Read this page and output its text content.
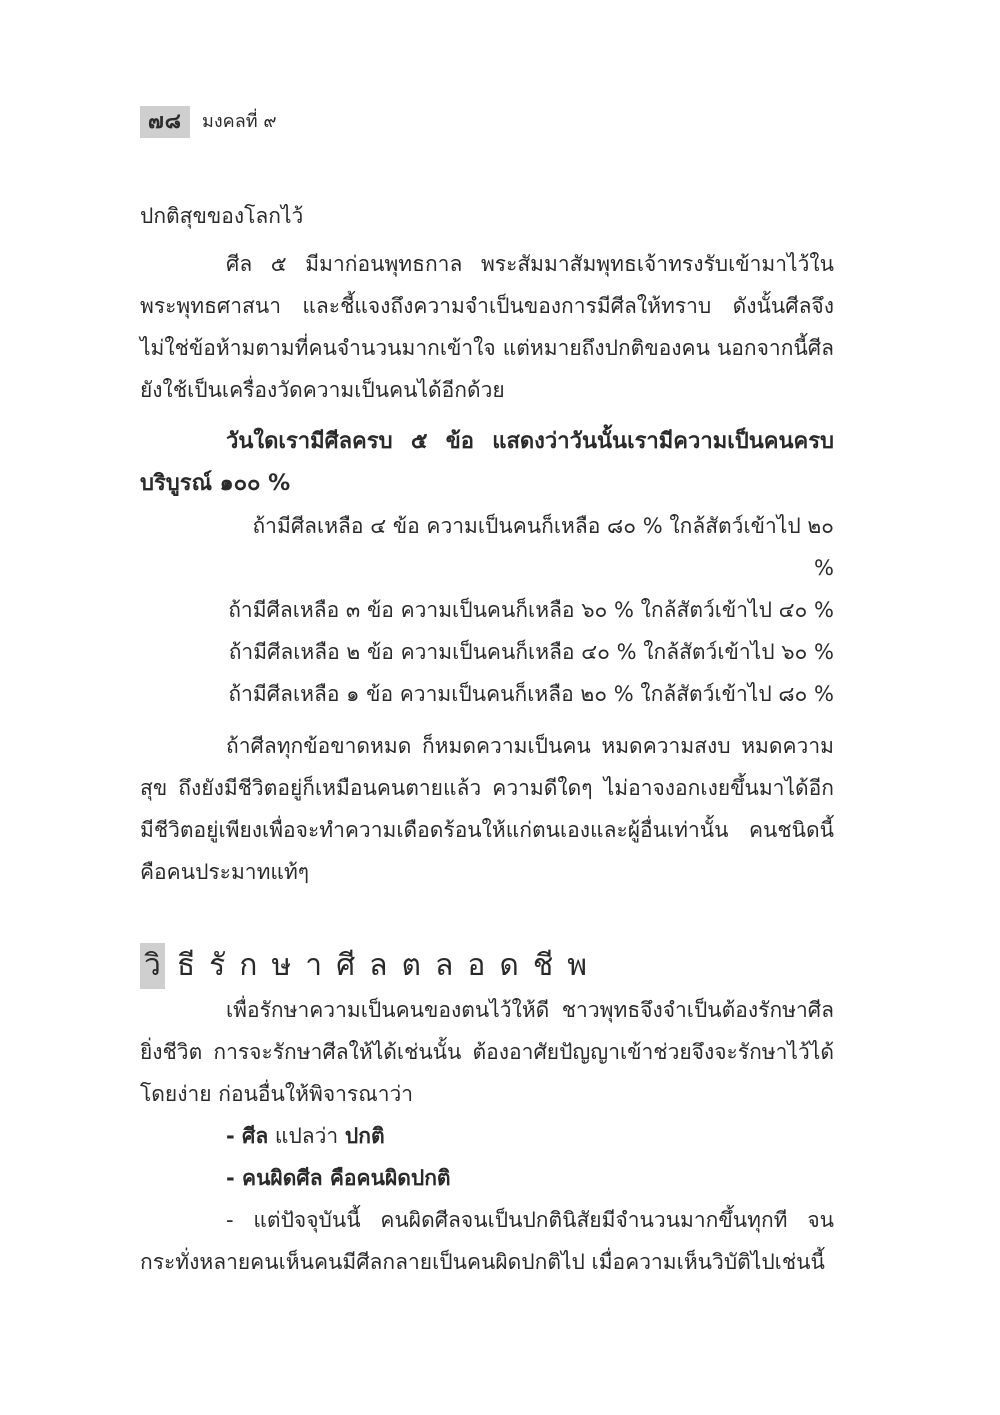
๗๘	มงคลที่ ๙

ปกติสุขของโลกไว้

ศีล ๕ มีมาก่อนพุทธกาล พระสัมมาสัมพุทธเจ้าทรงรับเข้ามาไว้ในพระพุทธศาสนา และชี้แจงถึงความจำเป็นของการมีศีลให้ทราบ ดังนั้นศีลจึงไม่ใช่ข้อห้ามตามที่คนจำนวนมากเข้าใจ แต่หมายถึงปกติของคน นอกจากนี้ศีลยังใช้เป็นเครื่องวัดความเป็นคนได้อีกด้วย

วันใดเรามีศีลครบ ๕ ข้อ แสดงว่าวันนั้นเรามีความเป็นคนครบบริบูรณ์ ๑๐๐ %

ถ้ามีศีลเหลือ ๔ ข้อ ความเป็นคนก็เหลือ ๘๐ % ใกล้สัตว์เข้าไป ๒๐ %

ถ้ามีศีลเหลือ ๓ ข้อ ความเป็นคนก็เหลือ ๖๐ % ใกล้สัตว์เข้าไป ๔๐ %

ถ้ามีศีลเหลือ ๒ ข้อ ความเป็นคนก็เหลือ ๔๐ % ใกล้สัตว์เข้าไป ๖๐ %

ถ้ามีศีลเหลือ ๑ ข้อ ความเป็นคนก็เหลือ ๒๐ % ใกล้สัตว์เข้าไป ๘๐ %

ถ้าศีลทุกข้อขาดหมด ก็หมดความเป็นคน หมดความสงบ หมดความสุข ถึงยังมีชีวิตอยู่ก็เหมือนคนตายแล้ว ความดีใดๆ ไม่อาจงอกเงยขึ้นมาได้อีก มีชีวิตอยู่เพียงเพื่อจะทำความเดือดร้อนให้แก่ตนเองและผู้อื่นเท่านั้น คนชนิดนี้คือคนประมาทแท้ๆ

วิ ธีรักษาศีลตลอดชีพ

เพื่อรักษาความเป็นคนของตนไว้ให้ดี ชาวพุทธจึงจำเป็นต้องรักษาศีลยิ่งชีวิต การจะรักษาศีลให้ได้เช่นนั้น ต้องอาศัยปัญญาเข้าช่วยจึงจะรักษาไว้ได้โดยง่าย ก่อนอื่นให้พิจารณาว่า

- ศีล แปลว่า ปกติ

- คนผิดศีล คือคนผิดปกติ

- แต่ปัจจุบันนี้ คนผิดศีลจนเป็นปกตินิสัยมีจำนวนมากขึ้นทุกที จนกระทั่งหลายคนเห็นคนมีศีลกลายเป็นคนผิดปกติไป เมื่อความเห็นวิบัติไปเช่นนี้
